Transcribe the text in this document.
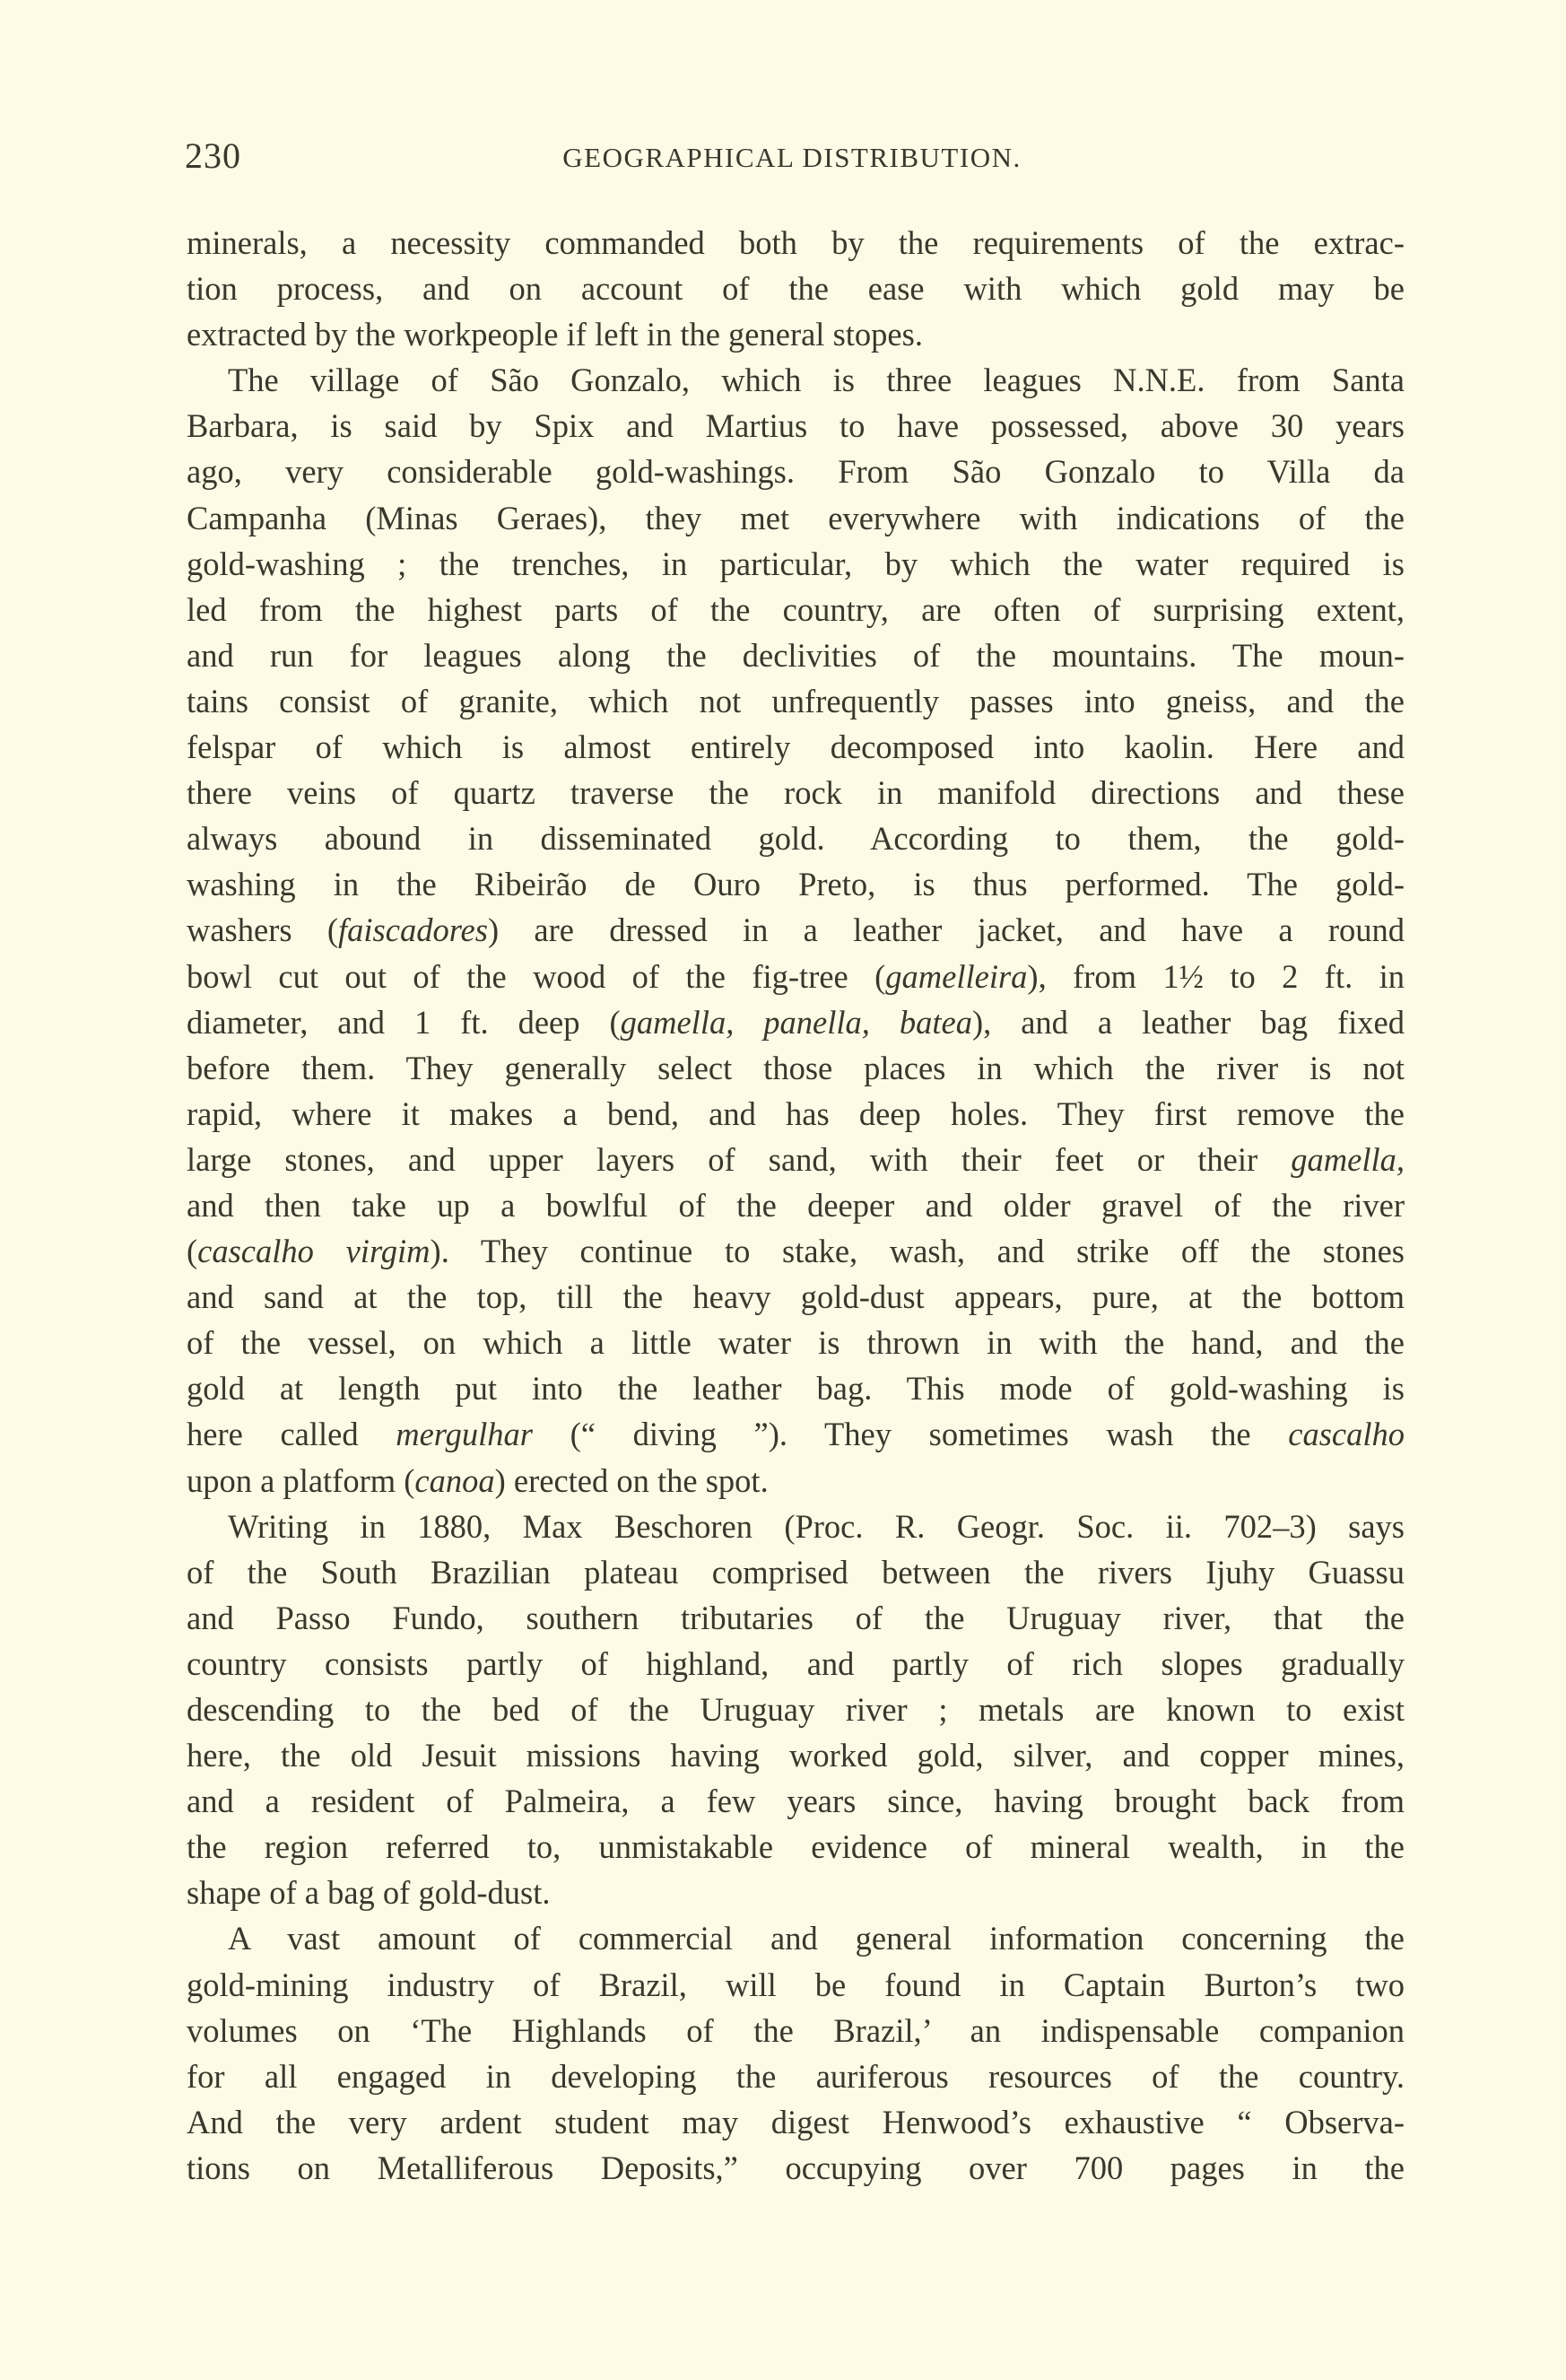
230	GEOGRAPHICAL DISTRIBUTION.
minerals, a necessity commanded both by the requirements of the extrac-
tion process, and on account of the ease with which gold may be
extracted by the workpeople if left in the general stopes.
The village of São Gonzalo, which is three leagues N.N.E. from Santa
Barbara, is said by Spix and Martius to have possessed, above 30 years
ago, very considerable gold-washings. From São Gonzalo to Villa da
Campanha (Minas Geraes), they met everywhere with indications of the
gold-washing ; the trenches, in particular, by which the water required is
led from the highest parts of the country, are often of surprising extent,
and run for leagues along the declivities of the mountains. The moun-
tains consist of granite, which not unfrequently passes into gneiss, and the
felspar of which is almost entirely decomposed into kaolin. Here and
there veins of quartz traverse the rock in manifold directions and these
always abound in disseminated gold. According to them, the gold-
washing in the Ribeirão de Ouro Preto, is thus performed. The gold-
washers (faiscadores) are dressed in a leather jacket, and have a round
bowl cut out of the wood of the fig-tree (gamelleira), from 1½ to 2 ft. in
diameter, and 1 ft. deep (gamella, panella, batea), and a leather bag fixed
before them. They generally select those places in which the river is not
rapid, where it makes a bend, and has deep holes. They first remove the
large stones, and upper layers of sand, with their feet or their gamella,
and then take up a bowlful of the deeper and older gravel of the river
(cascalho virgim). They continue to stake, wash, and strike off the stones
and sand at the top, till the heavy gold-dust appears, pure, at the bottom
of the vessel, on which a little water is thrown in with the hand, and the
gold at length put into the leather bag. This mode of gold-washing is
here called mergulhar (“ diving ”). They sometimes wash the cascalho
upon a platform (canoa) erected on the spot.
Writing in 1880, Max Beschoren (Proc. R. Geogr. Soc. ii. 702–3) says
of the South Brazilian plateau comprised between the rivers Ijuhy Guassu
and Passo Fundo, southern tributaries of the Uruguay river, that the
country consists partly of highland, and partly of rich slopes gradually
descending to the bed of the Uruguay river ; metals are known to exist
here, the old Jesuit missions having worked gold, silver, and copper mines,
and a resident of Palmeira, a few years since, having brought back from
the region referred to, unmistakable evidence of mineral wealth, in the
shape of a bag of gold-dust.
A vast amount of commercial and general information concerning the
gold-mining industry of Brazil, will be found in Captain Burton’s two
volumes on ‘The Highlands of the Brazil,’ an indispensable companion
for all engaged in developing the auriferous resources of the country.
And the very ardent student may digest Henwood’s exhaustive “ Observa-
tions on Metalliferous Deposits,” occupying over 700 pages in the
